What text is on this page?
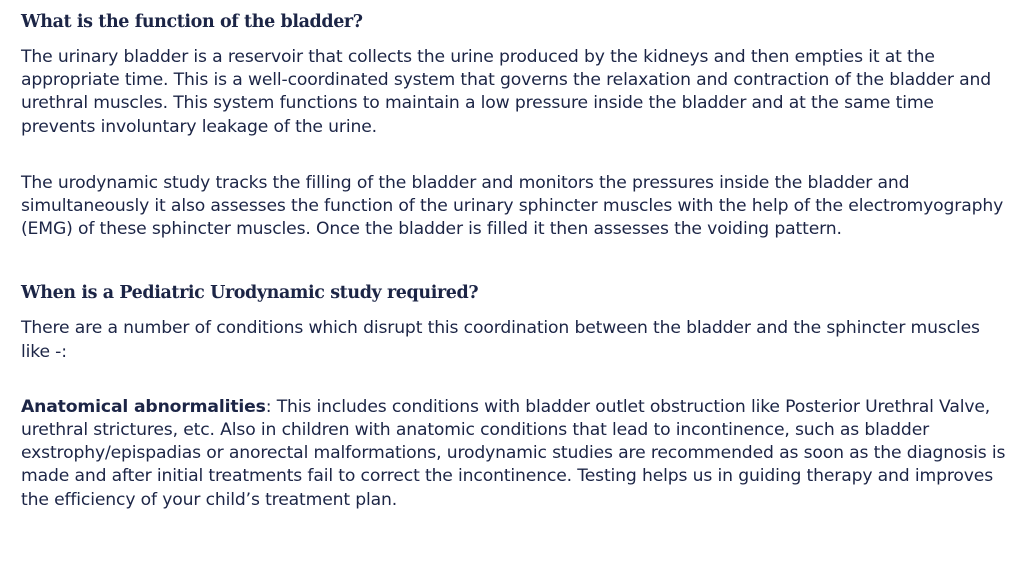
What is the function of the bladder?

The urinary bladder is a reservoir that collects the urine produced by the kidneys and then empties it at the appropriate time. This is a well-coordinated system that governs the relaxation and contraction of the bladder and urethral muscles. This system functions to maintain a low pressure inside the bladder and at the same time prevents involuntary leakage of the urine.

The urodynamic study tracks the filling of the bladder and monitors the pressures inside the bladder and simultaneously it also assesses the function of the urinary sphincter muscles with the help of the electromyography (EMG) of these sphincter muscles. Once the bladder is filled it then assesses the voiding pattern.

When is a Pediatric Urodynamic study required?

There are a number of conditions which disrupt this coordination between the bladder and the sphincter muscles like -:

Anatomical abnormalities: This includes conditions with bladder outlet obstruction like Posterior Urethral Valve, urethral strictures, etc. Also in children with anatomic conditions that lead to incontinence, such as bladder exstrophy/epispadias or anorectal malformations, urodynamic studies are recommended as soon as the diagnosis is made and after initial treatments fail to correct the incontinence. Testing helps us in guiding therapy and improves the efficiency of your child’s treatment plan.
